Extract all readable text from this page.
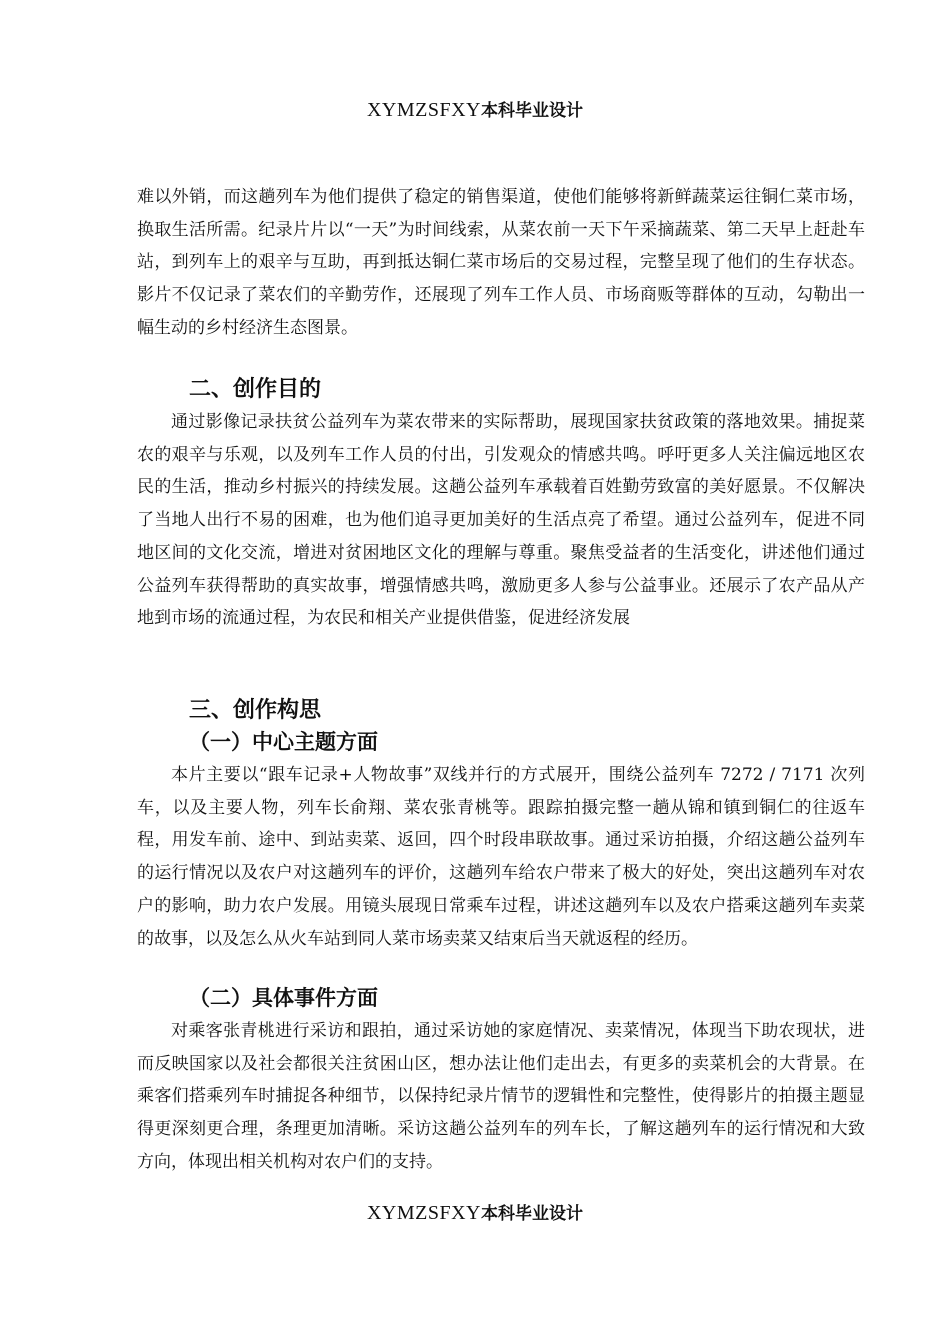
XYMZSFXY本科毕业设计

难以外销，而这趟列车为他们提供了稳定的销售渠道，使他们能够将新鲜蔬菜运往铜仁菜市场，换取生活所需。纪录片片以“一天”为时间线索，从菜农前一天下午采摘蔬菜、第二天早上赶赴车站，到列车上的艰辛与互助，再到抵达铜仁菜市场后的交易过程，完整呈现了他们的生存状态。影片不仅记录了菜农们的辛勤劳作，还展现了列车工作人员、市场商贩等群体的互动，勾勒出一幅生动的乡村经济生态图景。

二、创作目的

通过影像记录扶贫公益列车为菜农带来的实际帮助，展现国家扶贫政策的落地效果。捕捉菜农的艰辛与乐观，以及列车工作人员的付出，引发观众的情感共鸣。呼吁更多人关注偏远地区农民的生活，推动乡村振兴的持续发展。这趟公益列车承载着百姓勤劳致富的美好愿景。不仅解决了当地人出行不易的困难，也为他们追寻更加美好的生活点亮了希望。通过公益列车，促进不同地区间的文化交流，增进对贫困地区文化的理解与尊重。聚焦受益者的生活变化，讲述他们通过公益列车获得帮助的真实故事，增强情感共鸣，激励更多人参与公益事业。还展示了农产品从产地到市场的流通过程，为农民和相关产业提供借鉴，促进经济发展

三、创作构思
（一）中心主题方面

本片主要以“跟车记录+人物故事”双线并行的方式展开，围绕公益列车 7272 / 7171 次列车，以及主要人物，列车长俞翔、菜农张青桃等。跟踪拍摄完整一趟从锦和镇到铜仁的往返车程，用发车前、途中、到站卖菜、返回，四个时段串联故事。通过采访拍摄，介绍这趟公益列车的运行情况以及农户对这趟列车的评价，这趟列车给农户带来了极大的好处，突出这趟列车对农户的影响，助力农户发展。用镜头展现日常乘车过程，讲述这趟列车以及农户搭乘这趟列车卖菜的故事，以及怎么从火车站到同人菜市场卖菜又结束后当天就返程的经历。

（二）具体事件方面

对乘客张青桃进行采访和跟拍，通过采访她的家庭情况、卖菜情况，体现当下助农现状，进而反映国家以及社会都很关注贫困山区，想办法让他们走出去，有更多的卖菜机会的大背景。在乘客们搭乘列车时捕捉各种细节，以保持纪录片情节的逻辑性和完整性，使得影片的拍摄主题显得更深刻更合理，条理更加清晰。采访这趟公益列车的列车长，了解这趟列车的运行情况和大致方向，体现出相关机构对农户们的支持。

XYMZSFXY本科毕业设计
